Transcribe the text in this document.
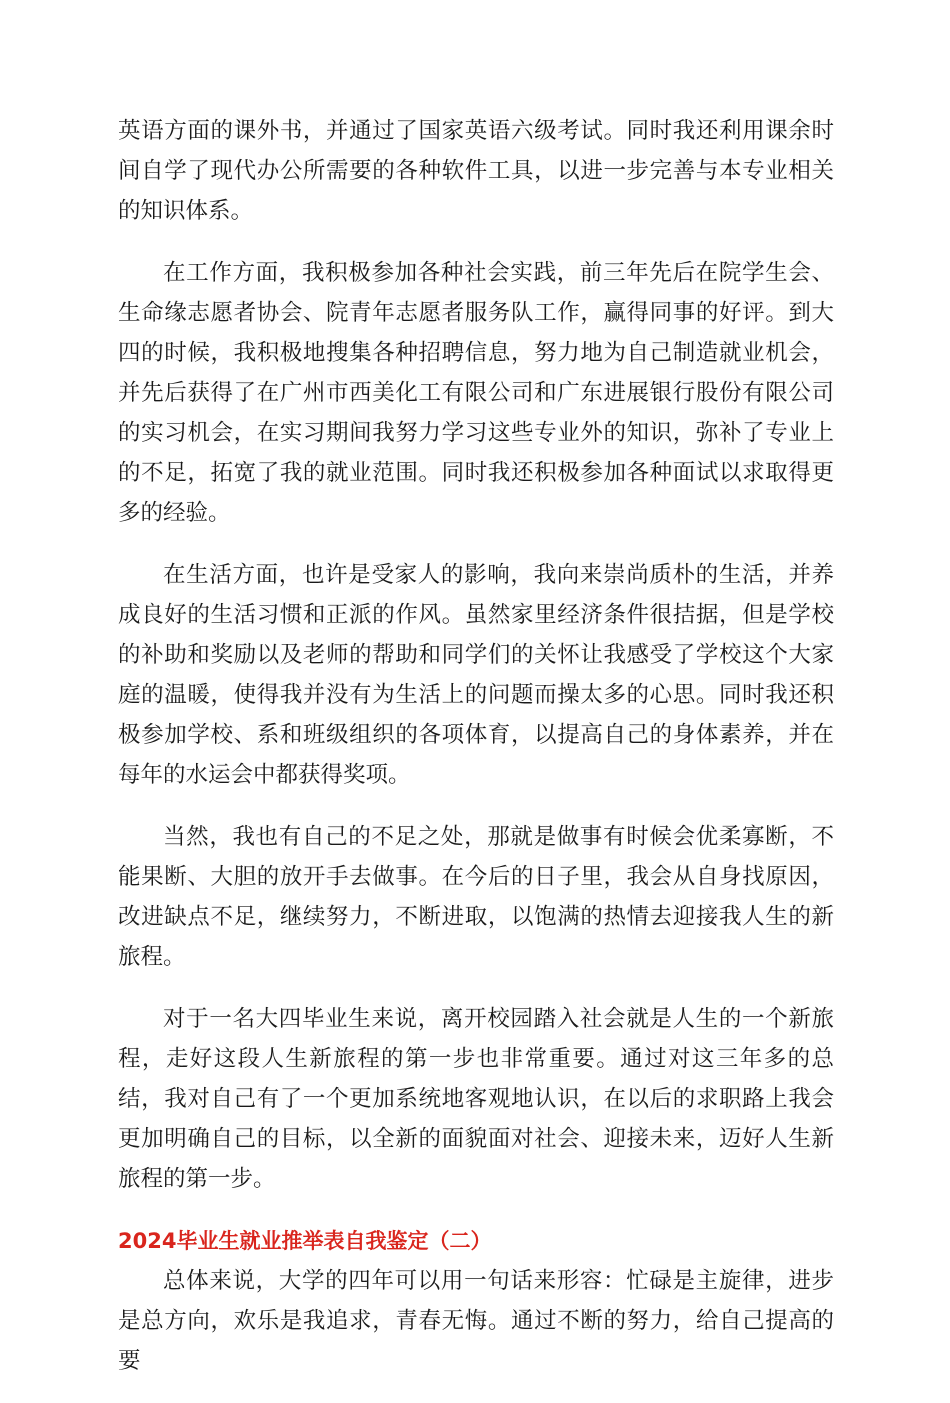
英语方面的课外书，并通过了国家英语六级考试。同时我还利用课余时间自学了现代办公所需要的各种软件工具，以进一步完善与本专业相关的知识体系。

在工作方面，我积极参加各种社会实践，前三年先后在院学生会、生命缘志愿者协会、院青年志愿者服务队工作，赢得同事的好评。到大四的时候，我积极地搜集各种招聘信息，努力地为自己制造就业机会，并先后获得了在广州市西美化工有限公司和广东进展银行股份有限公司的实习机会，在实习期间我努力学习这些专业外的知识，弥补了专业上的不足，拓宽了我的就业范围。同时我还积极参加各种面试以求取得更多的经验。

在生活方面，也许是受家人的影响，我向来崇尚质朴的生活，并养成良好的生活习惯和正派的作风。虽然家里经济条件很拮据，但是学校的补助和奖励以及老师的帮助和同学们的关怀让我感受了学校这个大家庭的温暖，使得我并没有为生活上的问题而操太多的心思。同时我还积极参加学校、系和班级组织的各项体育，以提高自己的身体素养，并在每年的水运会中都获得奖项。

当然，我也有自己的不足之处，那就是做事有时候会优柔寡断，不能果断、大胆的放开手去做事。在今后的日子里，我会从自身找原因，改进缺点不足，继续努力，不断进取，以饱满的热情去迎接我人生的新旅程。

对于一名大四毕业生来说，离开校园踏入社会就是人生的一个新旅程，走好这段人生新旅程的第一步也非常重要。通过对这三年多的总结，我对自己有了一个更加系统地客观地认识，在以后的求职路上我会更加明确自己的目标，以全新的面貌面对社会、迎接未来，迈好人生新旅程的第一步。

2024毕业生就业推举表自我鉴定（二）

总体来说，大学的四年可以用一句话来形容：忙碌是主旋律，进步是总方向，欢乐是我追求，青春无悔。通过不断的努力，给自己提高的要
